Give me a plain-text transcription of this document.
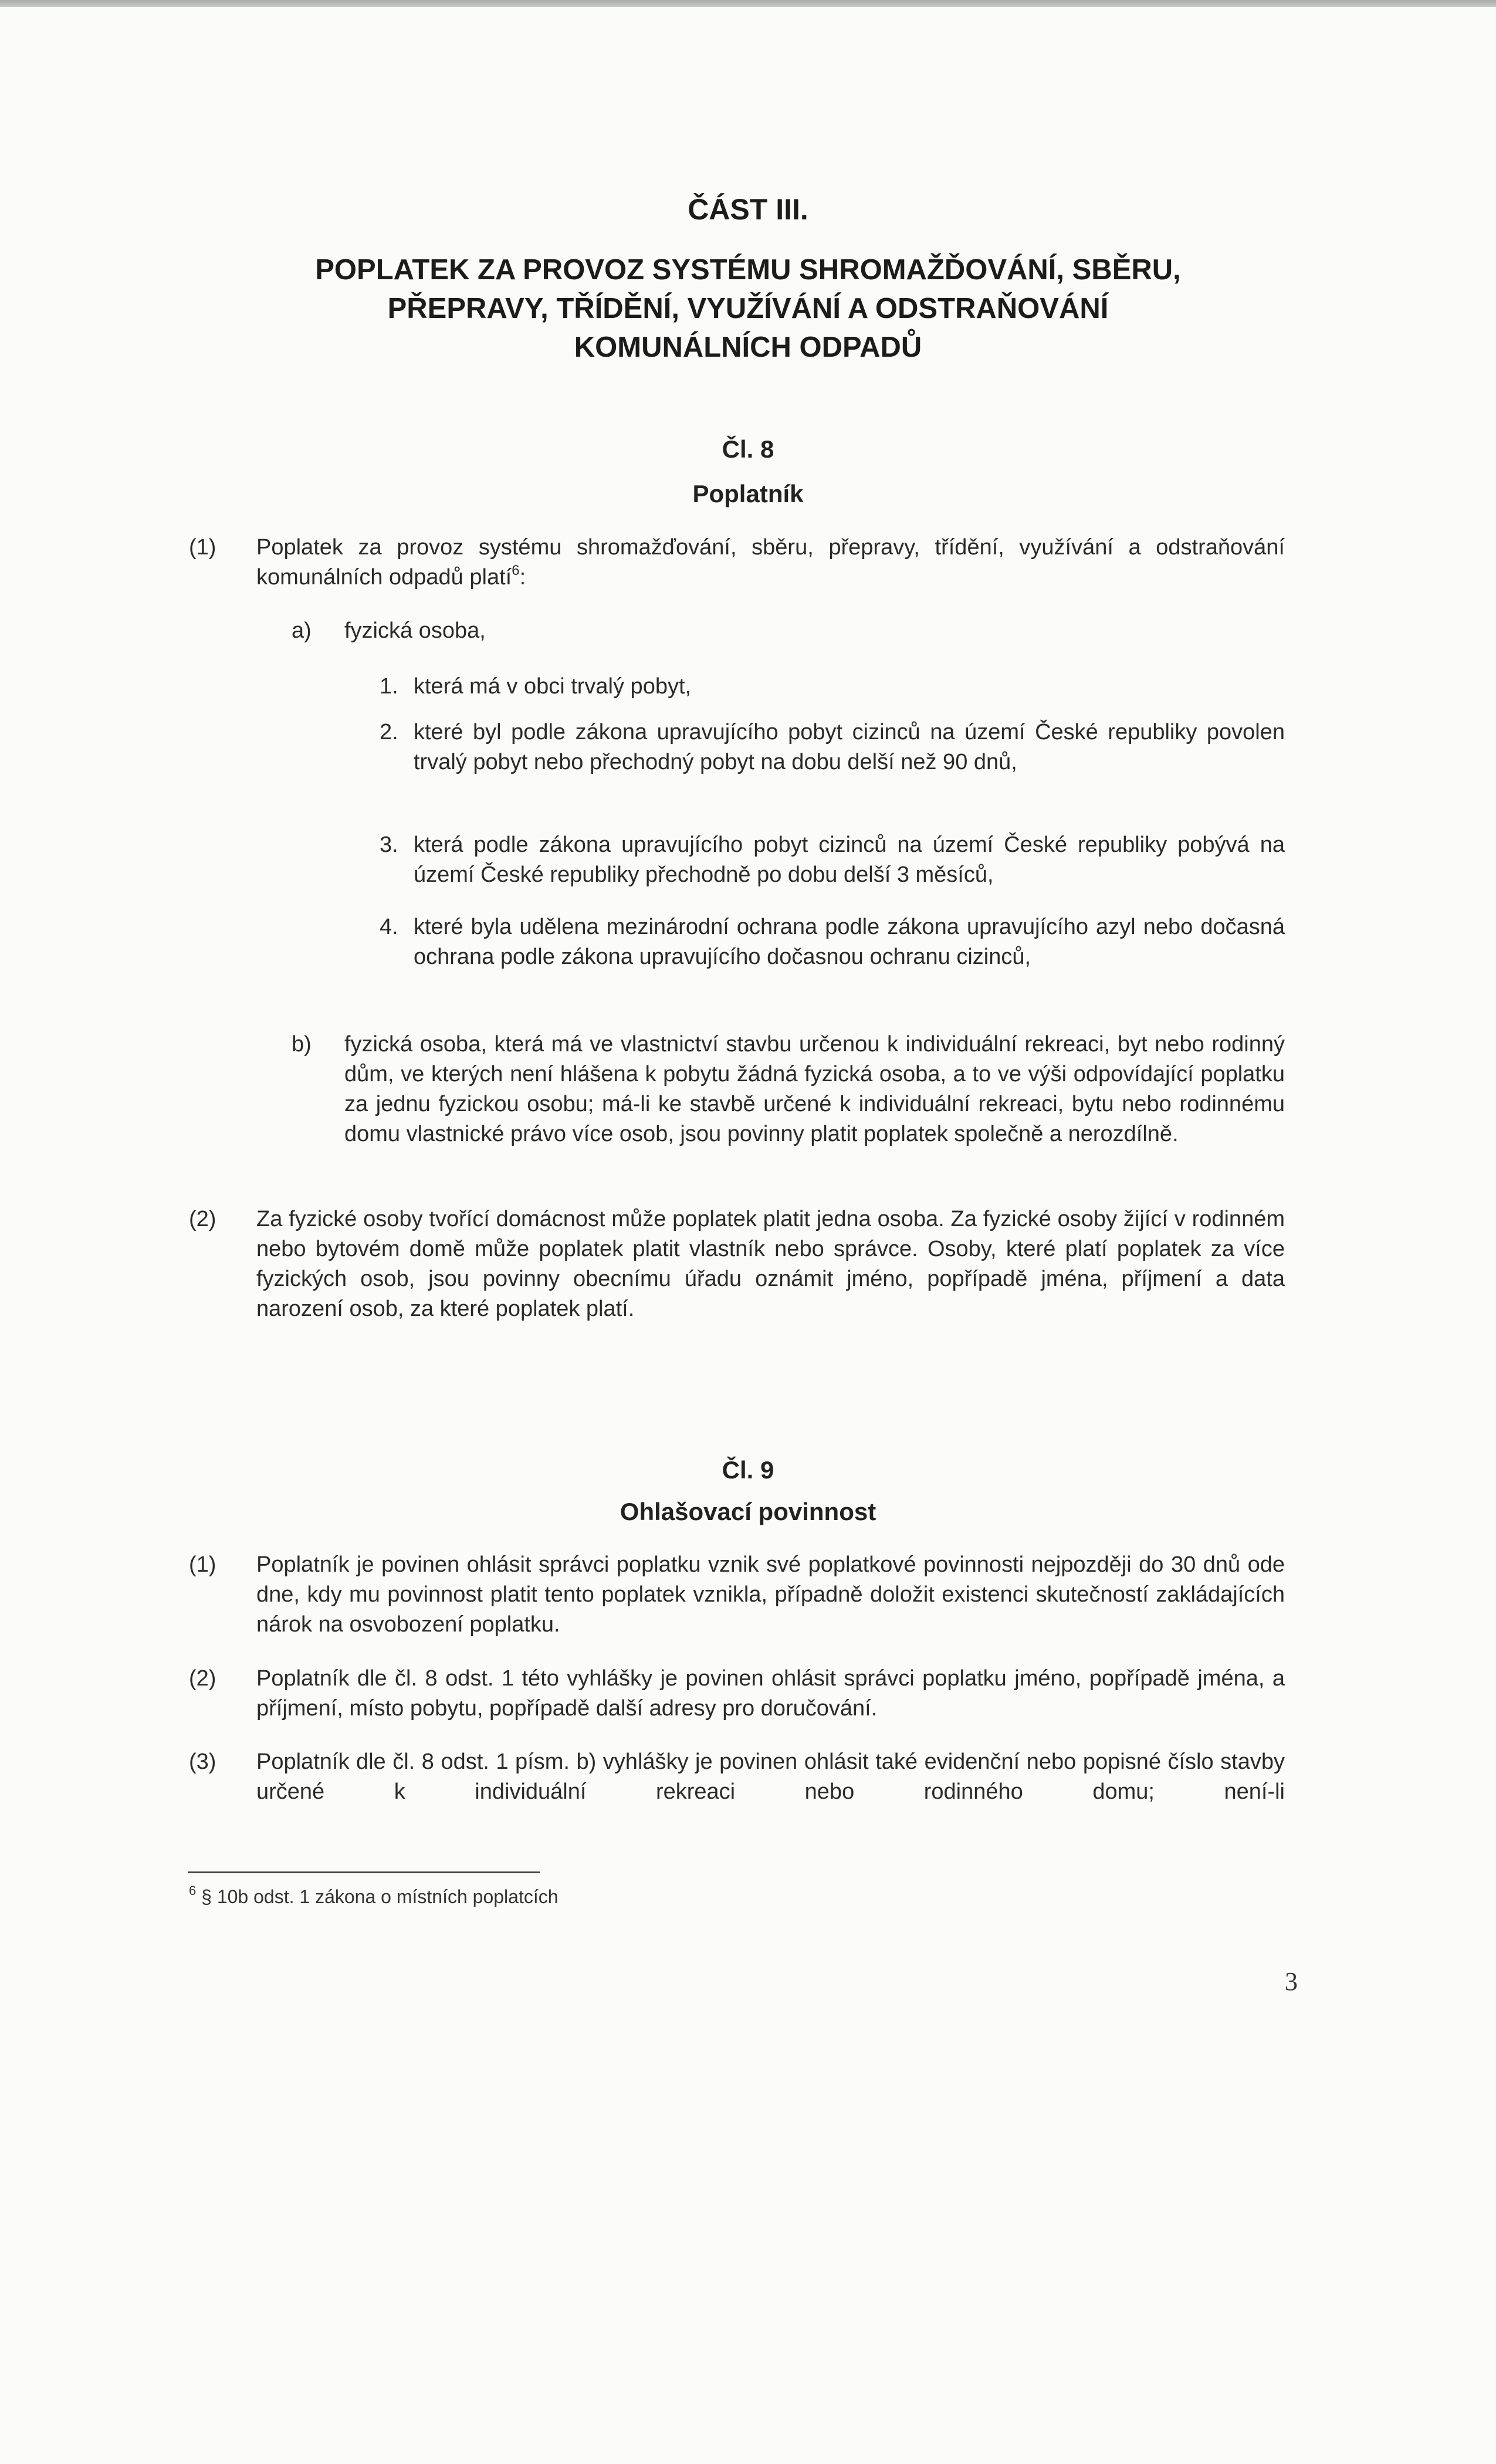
ČÁST III.
POPLATEK ZA PROVOZ SYSTÉMU SHROMAŽĎOVÁNÍ, SBĚRU,
PŘEPRAVY, TŘÍDĚNÍ, VYUŽÍVÁNÍ A ODSTRAŇOVÁNÍ
KOMUNÁLNÍCH ODPADŮ
Čl. 8
Poplatník
(1) Poplatek za provoz systému shromažďování, sběru, přepravy, třídění, využívání a odstraňování komunálních odpadů platí$^6$:
a) fyzická osoba,
1. která má v obci trvalý pobyt,
2. které byl podle zákona upravujícího pobyt cizinců na území České republiky povolen trvalý pobyt nebo přechodný pobyt na dobu delší než 90 dnů,
3. která podle zákona upravujícího pobyt cizinců na území České republiky pobývá na území České republiky přechodně po dobu delší 3 měsíců,
4. které byla udělena mezinárodní ochrana podle zákona upravujícího azyl nebo dočasná ochrana podle zákona upravujícího dočasnou ochranu cizinců,
b) fyzická osoba, která má ve vlastnictví stavbu určenou k individuální rekreaci, byt nebo rodinný dům, ve kterých není hlášena k pobytu žádná fyzická osoba, a to ve výši odpovídající poplatku za jednu fyzickou osobu; má-li ke stavbě určené k individuální rekreaci, bytu nebo rodinnému domu vlastnické právo více osob, jsou povinny platit poplatek společně a nerozdílně.
(2) Za fyzické osoby tvořící domácnost může poplatek platit jedna osoba. Za fyzické osoby žijící v rodinném nebo bytovém domě může poplatek platit vlastník nebo správce. Osoby, které platí poplatek za více fyzických osob, jsou povinny obecnímu úřadu oznámit jméno, popřípadě jména, příjmení a data narození osob, za které poplatek platí.
Čl. 9
Ohlašovací povinnost
(1) Poplatník je povinen ohlásit správci poplatku vznik své poplatkové povinnosti nejpozději do 30 dnů ode dne, kdy mu povinnost platit tento poplatek vznikla, případně doložit existenci skutečností zakládajících nárok na osvobození poplatku.
(2) Poplatník dle čl. 8 odst. 1 této vyhlášky je povinen ohlásit správci poplatku jméno, popřípadě jména, a příjmení, místo pobytu, popřípadě další adresy pro doručování.
(3) Poplatník dle čl. 8 odst. 1 písm. b) vyhlášky je povinen ohlásit také evidenční nebo popisné číslo stavby určené k individuální rekreaci nebo rodinného domu; není-li
$^6$ § 10b odst. 1 zákona o místních poplatcích
3
